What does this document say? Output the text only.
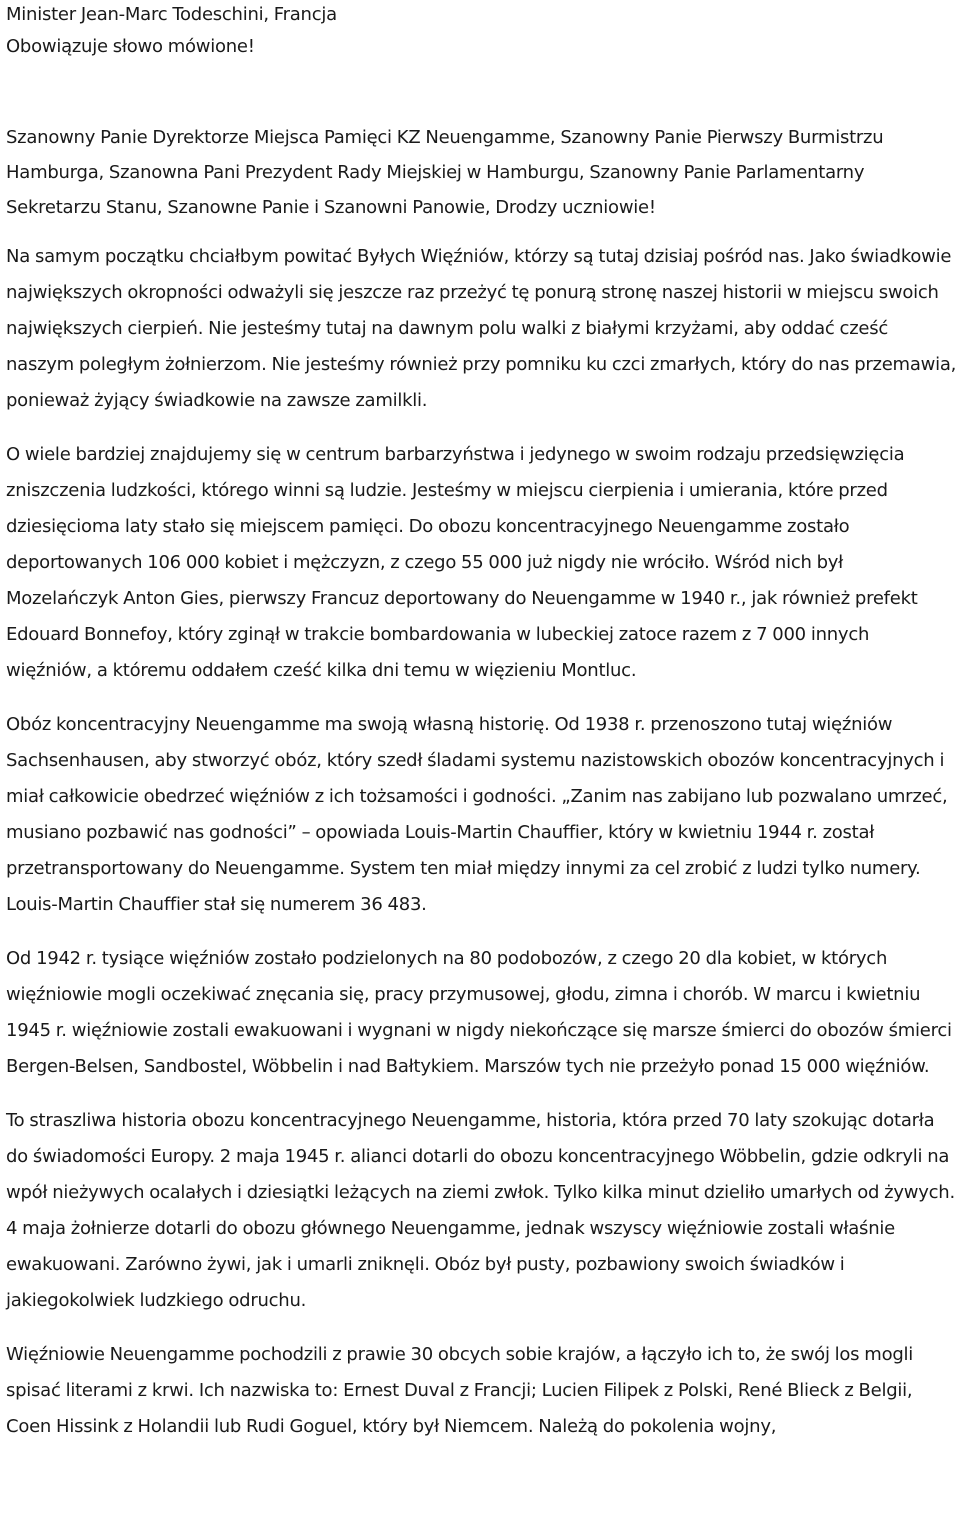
Minister Jean-Marc Todeschini, Francja

Obowiązuje słowo mówione!

Szanowny Panie Dyrektorze Miejsca Pamięci KZ Neuengamme, Szanowny Panie Pierwszy Burmistrzu Hamburga, Szanowna Pani Prezydent Rady Miejskiej w Hamburgu, Szanowny Panie Parlamentarny Sekretarzu Stanu, Szanowne Panie i Szanowni Panowie, Drodzy uczniowie!

Na samym początku chciałbym powitać Byłych Więźniów, którzy są tutaj dzisiaj pośród nas. Jako świadkowie największych okropności odważyli się jeszcze raz przeżyć tę ponurą stronę naszej historii w miejscu swoich największych cierpień. Nie jesteśmy tutaj na dawnym polu walki z białymi krzyżami, aby oddać cześć naszym poległym żołnierzom. Nie jesteśmy również przy pomniku ku czci zmarłych, który do nas przemawia, ponieważ żyjący świadkowie na zawsze zamilkli.

O wiele bardziej znajdujemy się w centrum barbarzyństwa i jedynego w swoim rodzaju przedsięwzięcia zniszczenia ludzkości, którego winni są ludzie. Jesteśmy w miejscu cierpienia i umierania, które przed dziesięcioma laty stało się miejscem pamięci. Do obozu koncentracyjnego Neuengamme zostało deportowanych 106 000 kobiet i mężczyzn, z czego 55 000 już nigdy nie wróciło. Wśród nich był Mozelańczyk Anton Gies, pierwszy Francuz deportowany do Neuengamme w 1940 r., jak również prefekt Edouard Bonnefoy, który zginął w trakcie bombardowania w lubeckiej zatoce razem z 7 000 innych więźniów, a któremu oddałem cześć kilka dni temu w więzieniu Montluc.

Obóz koncentracyjny Neuengamme ma swoją własną historię. Od 1938 r. przenoszono tutaj więźniów Sachsenhausen, aby stworzyć obóz, który szedł śladami systemu nazistowskich obozów koncentracyjnych i miał całkowicie obedrzeć więźniów z ich tożsamości i godności. „Zanim nas zabijano lub pozwalano umrzeć, musiano pozbawić nas godności” – opowiada Louis-Martin Chauffier, który w kwietniu 1944 r. został przetransportowany do Neuengamme. System ten miał między innymi za cel zrobić z ludzi tylko numery. Louis-Martin Chauffier stał się numerem 36 483.

Od 1942 r. tysiące więźniów zostało podzielonych na 80 podobozów, z czego 20 dla kobiet, w których więźniowie mogli oczekiwać znęcania się, pracy przymusowej, głodu, zimna i chorób. W marcu i kwietniu 1945 r. więźniowie zostali ewakuowani i wygnani w nigdy niekończące się marsze śmierci do obozów śmierci Bergen-Belsen, Sandbostel, Wöbbelin i nad Bałtykiem. Marszów tych nie przeżyło ponad 15 000 więźniów.

To straszliwa historia obozu koncentracyjnego Neuengamme, historia, która przed 70 laty szokując dotarła do świadomości Europy. 2 maja 1945 r. alianci dotarli do obozu koncentracyjnego Wöbbelin, gdzie odkryli na wpół nieżywych ocalałych i dziesiątki leżących na ziemi zwłok. Tylko kilka minut dzieliło umarłych od żywych. 4 maja żołnierze dotarli do obozu głównego Neuengamme, jednak wszyscy więźniowie zostali właśnie ewakuowani. Zarówno żywi, jak i umarli zniknęli. Obóz był pusty, pozbawiony swoich świadków i jakiegokolwiek ludzkiego odruchu.

Więźniowie Neuengamme pochodzili z prawie 30 obcych sobie krajów, a łączyło ich to, że swój los mogli spisać literami z krwi. Ich nazwiska to: Ernest Duval z Francji; Lucien Filipek z Polski, René Blieck z Belgii, Coen Hissink z Holandii lub Rudi Goguel, który był Niemcem. Należą do pokolenia wojny,
